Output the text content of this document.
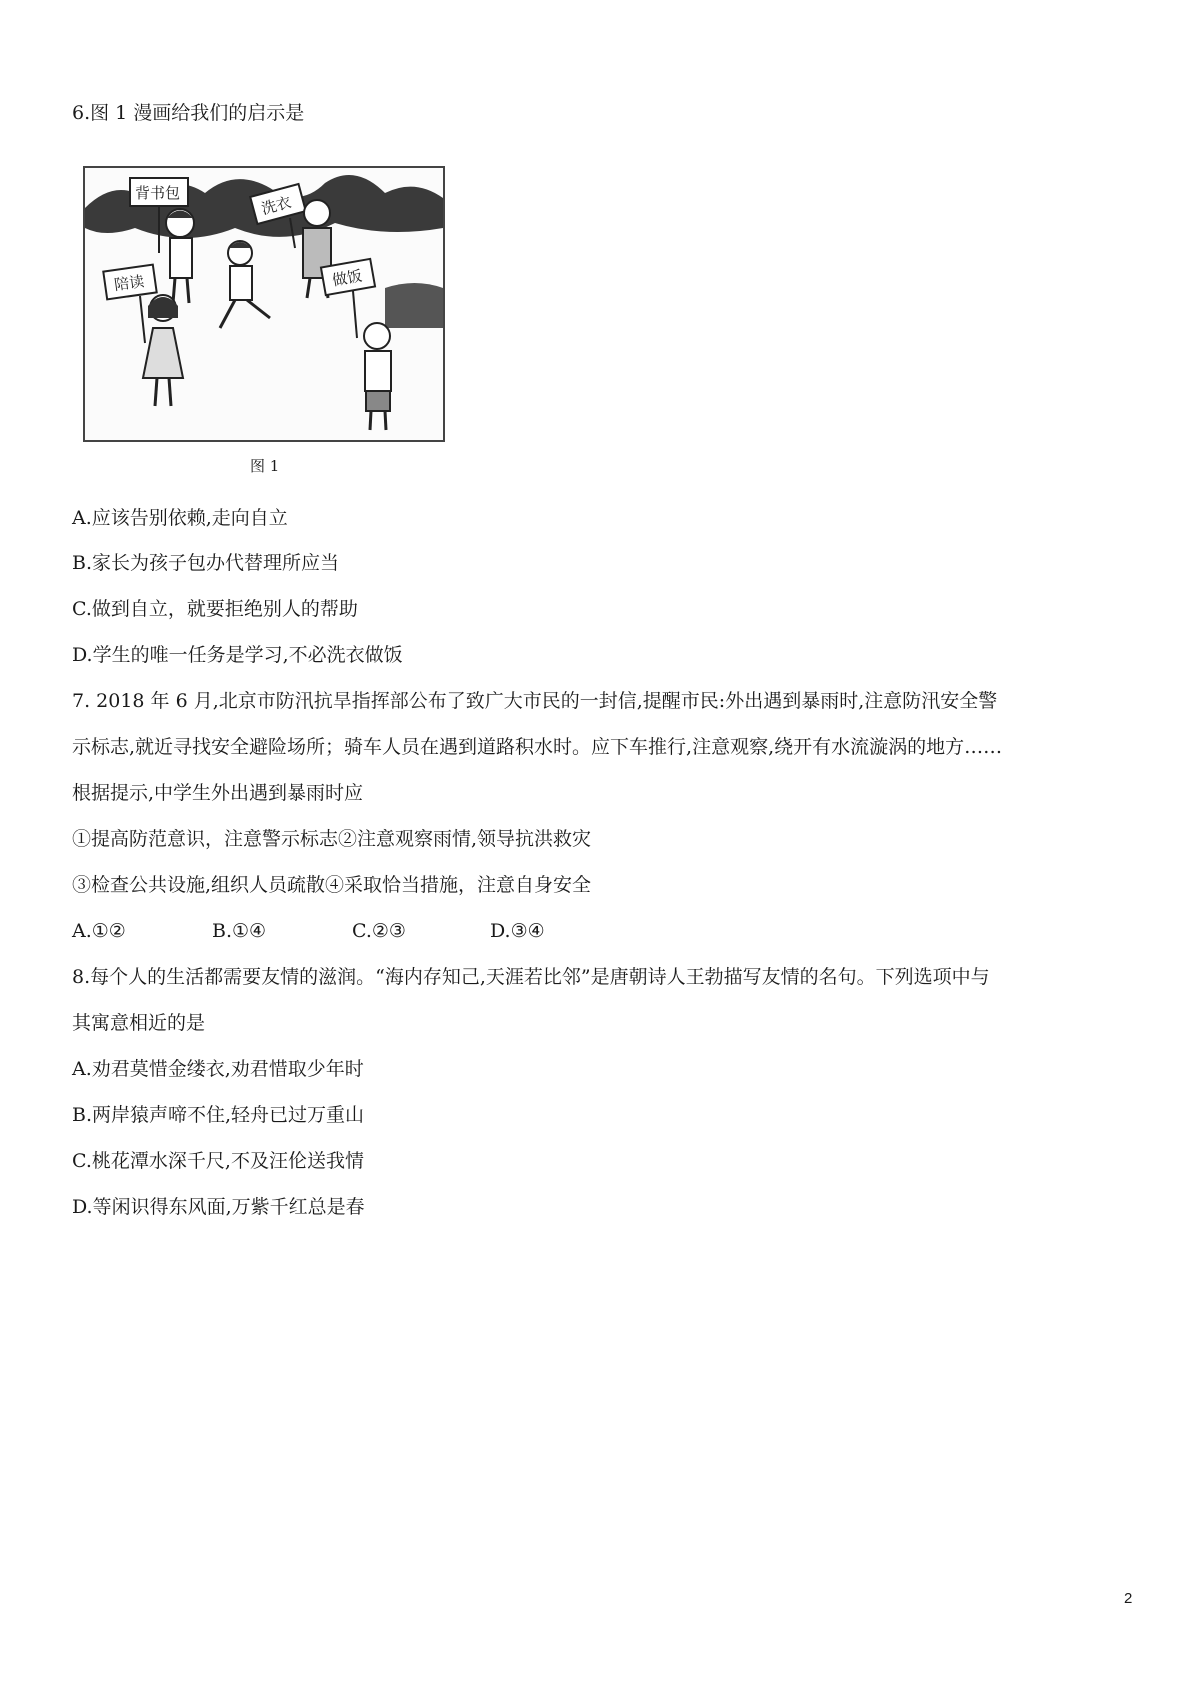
6.图 1 漫画给我们的启示是
背书包	洗衣
陪读	做饭
图 1
A.应该告别依赖,走向自立
B.家长为孩子包办代替理所应当
C.做到自立，就要拒绝别人的帮助
D.学生的唯一任务是学习,不必洗衣做饭
7. 2018 年 6 月,北京市防汛抗旱指挥部公布了致广大市民的一封信,提醒市民:外出遇到暴雨时,注意防汛安全警
示标志,就近寻找安全避险场所；骑车人员在遇到道路积水时。应下车推行,注意观察,绕开有水流漩涡的地方……
根据提示,中学生外出遇到暴雨时应
①提高防范意识，注意警示标志②注意观察雨情,领导抗洪救灾
③检查公共设施,组织人员疏散④采取恰当措施，注意自身安全
A.①②	B.①④	C.②③	D.③④
8.每个人的生活都需要友情的滋润。“海内存知己,天涯若比邻”是唐朝诗人王勃描写友情的名句。下列选项中与
其寓意相近的是
A.劝君莫惜金缕衣,劝君惜取少年时
B.两岸猿声啼不住,轻舟已过万重山
C.桃花潭水深千尺,不及汪伦送我情
D.等闲识得东风面,万紫千红总是春
2
